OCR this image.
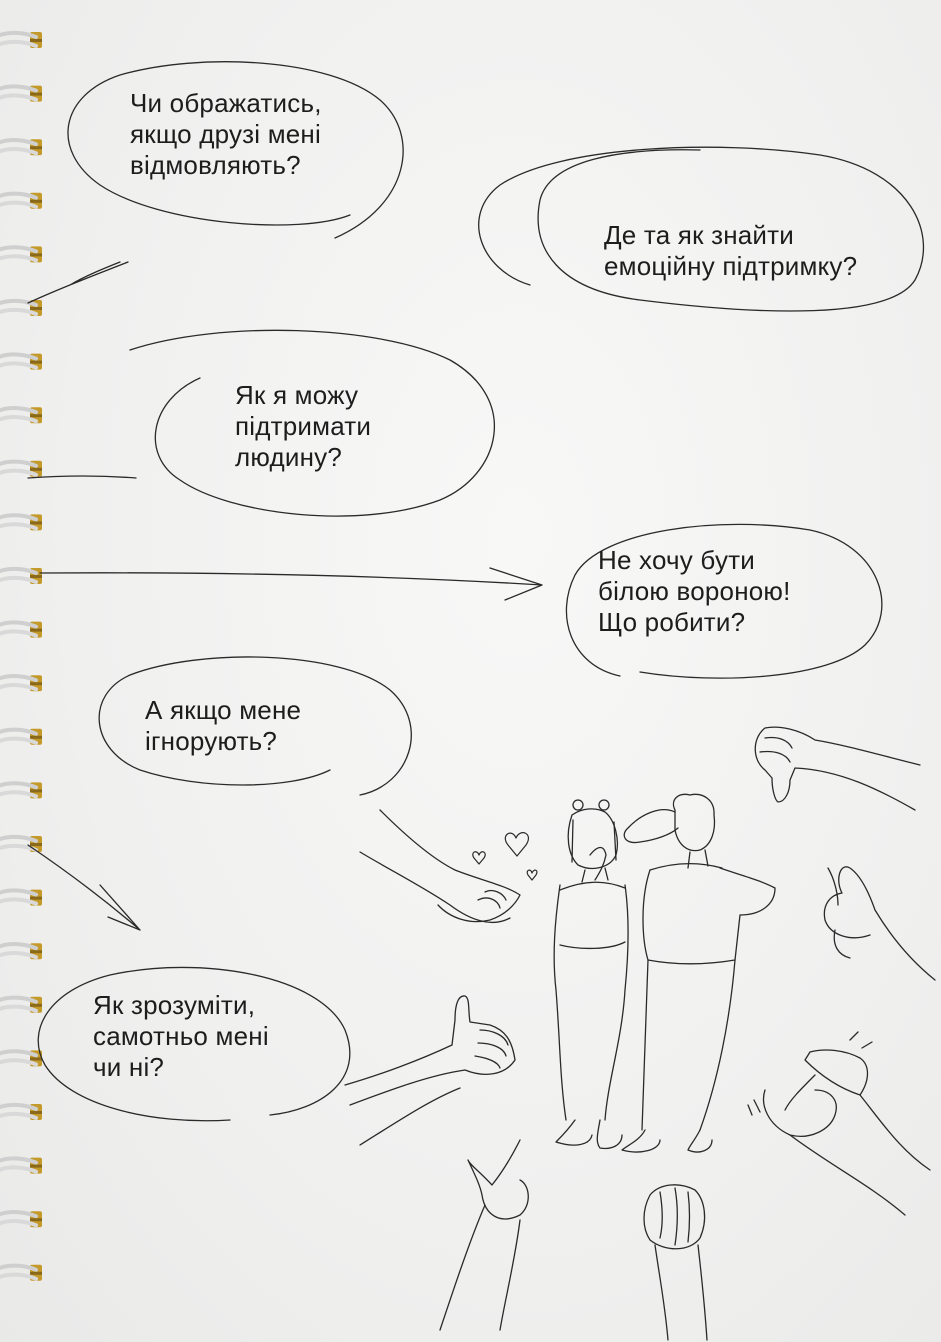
Чи ображатись,
якщо друзі мені
відмовляють?

Де та як знайти
емоційну підтримку?

Як я можу
підтримати
людину?

Не хочу бути
білою вороною!
Що робити?

А якщо мене
ігнорують?

Як зрозуміти,
самотньо мені
чи ні?
